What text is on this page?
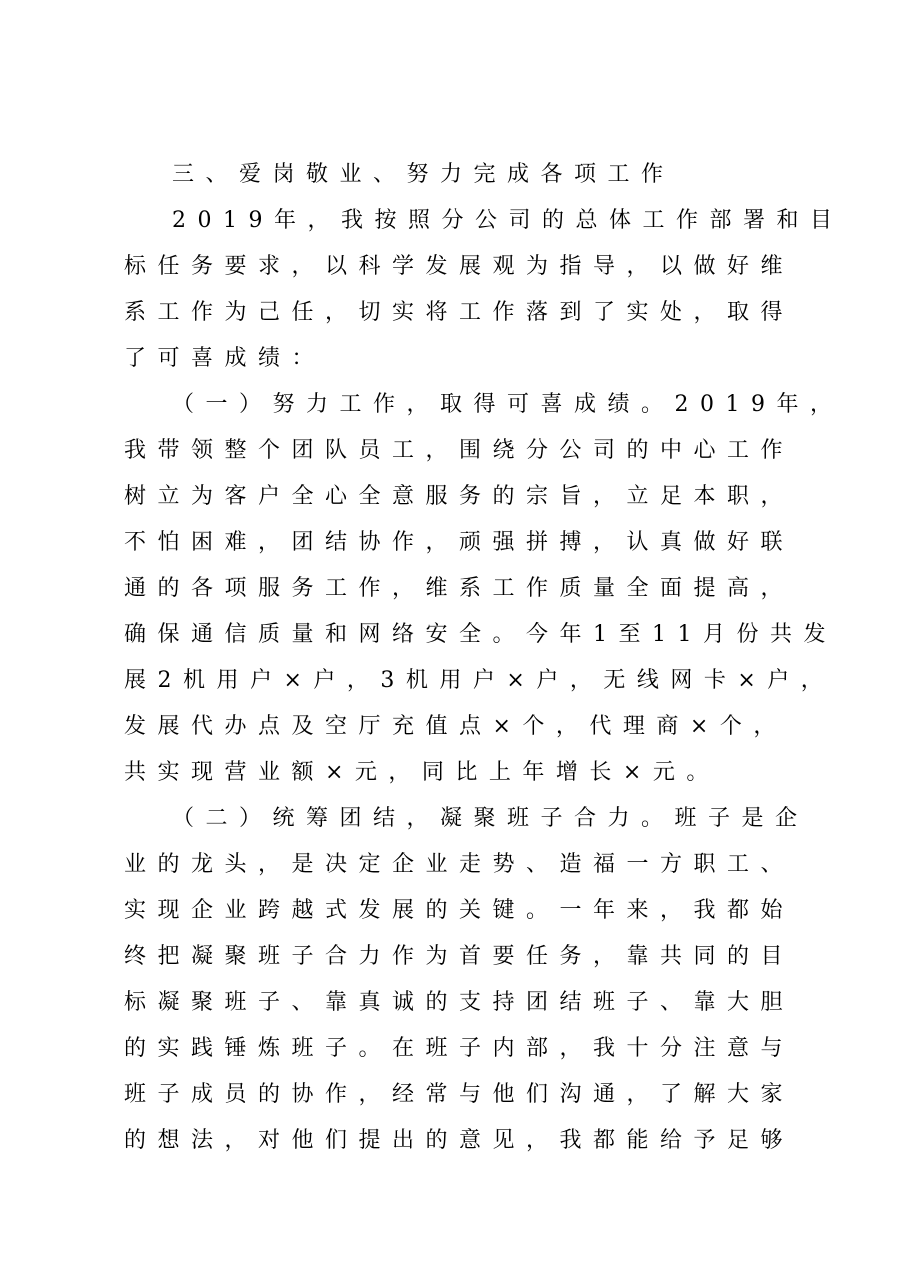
三、爱岗敬业、努力完成各项工作
2019年，我按照分公司的总体工作部署和目
标任务要求，以科学发展观为指导，以做好维
系工作为己任，切实将工作落到了实处，取得
了可喜成绩：
（一）努力工作，取得可喜成绩。2019年，
我带领整个团队员工，围绕分公司的中心工作
树立为客户全心全意服务的宗旨，立足本职，
不怕困难，团结协作，顽强拼搏，认真做好联
通的各项服务工作，维系工作质量全面提高，
确保通信质量和网络安全。今年1至11月份共发
展2机用户×户，3机用户×户，无线网卡×户，
发展代办点及空厅充值点×个，代理商×个，
共实现营业额×元，同比上年增长×元。
（二）统筹团结，凝聚班子合力。班子是企
业的龙头，是决定企业走势、造福一方职工、
实现企业跨越式发展的关键。一年来，我都始
终把凝聚班子合力作为首要任务，靠共同的目
标凝聚班子、靠真诚的支持团结班子、靠大胆
的实践锤炼班子。在班子内部，我十分注意与
班子成员的协作，经常与他们沟通，了解大家
的想法，对他们提出的意见，我都能给予足够
